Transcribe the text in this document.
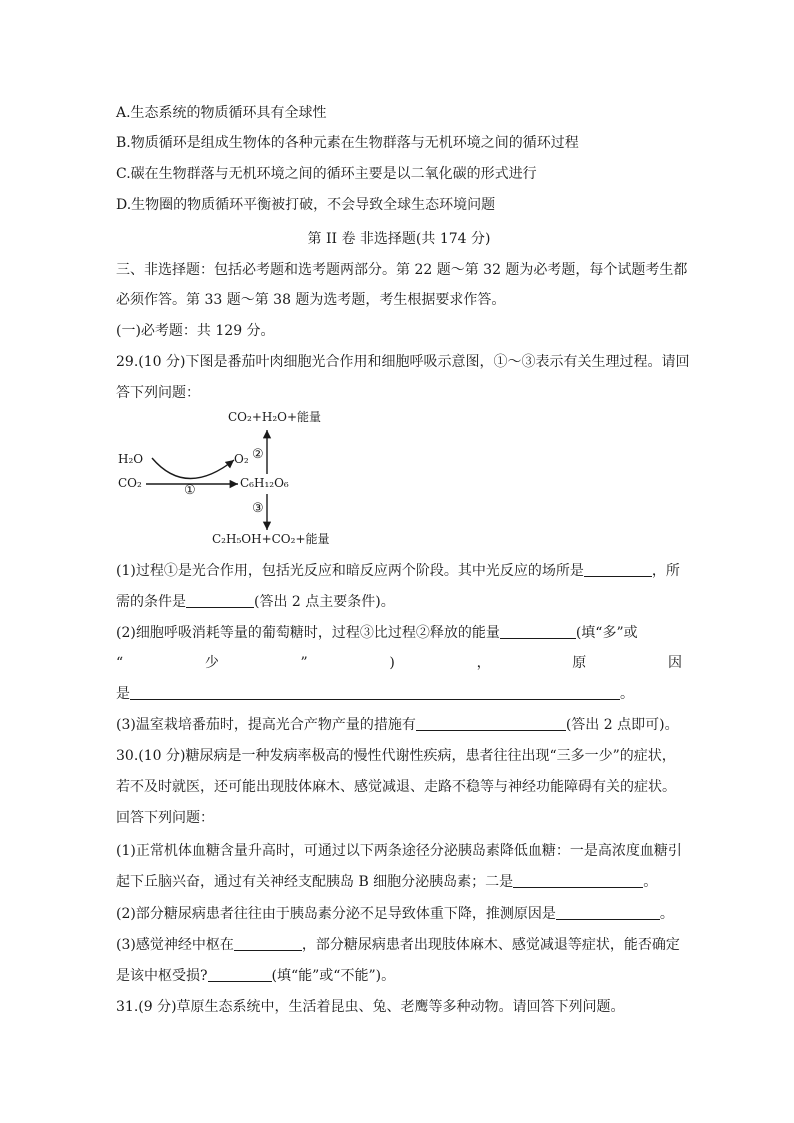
A.生态系统的物质循环具有全球性
B.物质循环是组成生物体的各种元素在生物群落与无机环境之间的循环过程
C.碳在生物群落与无机环境之间的循环主要是以二氧化碳的形式进行
D.生物圈的物质循环平衡被打破，不会导致全球生态环境问题
第 II 卷 非选择题(共 174 分)
三、非选择题：包括必考题和选考题两部分。第 22 题～第 32 题为必考题，每个试题考生都
必须作答。第 33 题～第 38 题为选考题，考生根据要求作答。
(一)必考题：共 129 分。
29.(10 分)下图是番茄叶肉细胞光合作用和细胞呼吸示意图，①～③表示有关生理过程。请回
答下列问题：
CO₂+H₂O+能量
H₂O
CO₂
O₂
C₆H₁₂O₆
①
②
③
C₂H₅OH+CO₂+能量
(1)过程①是光合作用，包括光反应和暗反应两个阶段。其中光反应的场所是	，所
需的条件是	(答出 2 点主要条件)。
(2)细胞呼吸消耗等量的葡萄糖时，过程③比过程②释放的能量	(填“多”或
“	少	”	)	，	原	因
是	。
(3)温室栽培番茄时，提高光合产物产量的措施有	(答出 2 点即可)。
30.(10 分)糖尿病是一种发病率极高的慢性代谢性疾病，患者往往出现“三多一少”的症状，
若不及时就医，还可能出现肢体麻木、感觉减退、走路不稳等与神经功能障碍有关的症状。
回答下列问题：
(1)正常机体血糖含量升高时，可通过以下两条途径分泌胰岛素降低血糖：一是高浓度血糖引
起下丘脑兴奋，通过有关神经支配胰岛 B 细胞分泌胰岛素；二是	。
(2)部分糖尿病患者往往由于胰岛素分泌不足导致体重下降，推测原因是	。
(3)感觉神经中枢在	，部分糖尿病患者出现肢体麻木、感觉减退等症状，能否确定
是该中枢受损?	(填“能”或“不能”)。
31.(9 分)草原生态系统中，生活着昆虫、兔、老鹰等多种动物。请回答下列问题。
